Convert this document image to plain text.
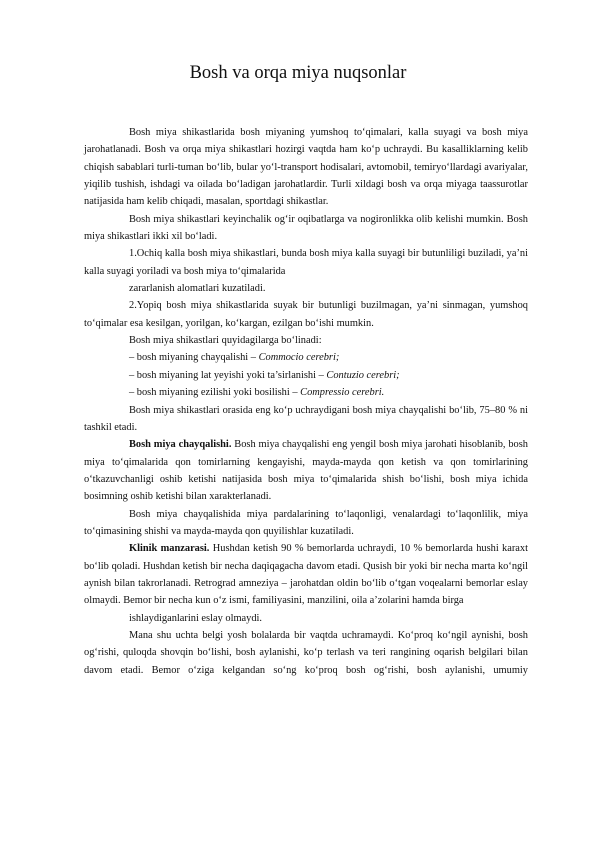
Bosh va orqa miya nuqsonlar

Bosh miya shikastlarida bosh miyaning yumshoq to‘qimalari, kalla suyagi va bosh miya jarohatlanadi. Bosh va orqa miya shikastlari hozirgi vaqtda ham ko‘p uchraydi. Bu kasalliklarning kelib chiqish sabablari turli-tuman bo‘lib, bular yo‘l-transport hodisalari, avtomobil, temiryo‘llardagi avariyalar, yiqilib tushish, ishdagi va oilada bo‘ladigan jarohatlardir. Turli xildagi bosh va orqa miyaga taassurotlar natijasida ham kelib chiqadi, masalan, sportdagi shikastlar.

Bosh miya shikastlari keyinchalik og‘ir oqibatlarga va nogironlikka olib kelishi mumkin. Bosh miya shikastlari ikki xil bo‘ladi.

1.Ochiq kalla bosh miya shikastlari, bunda bosh miya kalla suyagi bir butunliligi buziladi, ya’ni kalla suyagi yoriladi va bosh miya to‘qimalarida

zararlanish alomatlari kuzatiladi.

2.Yopiq bosh miya shikastlarida suyak bir butunligi buzilmagan, ya’ni sinmagan, yumshoq to‘qimalar esa kesilgan, yorilgan, ko‘kargan, ezilgan bo‘ishi mumkin.

Bosh miya shikastlari quyidagilarga bo‘linadi:

– bosh miyaning chayqalishi – Commocio cerebri;

– bosh miyaning lat yeyishi yoki ta’sirlanishi – Contuzio cerebri;

– bosh miyaning ezilishi yoki bosilishi – Compressio cerebri.

Bosh miya shikastlari orasida eng ko‘p uchraydigani bosh miya chayqalishi bo‘lib, 75–80 % ni tashkil etadi.

Bosh miya chayqalishi. Bosh miya chayqalishi eng yengil bosh miya jarohati hisoblanib, bosh miya to‘qimalarida qon tomirlarning kengayishi, mayda-mayda qon ketish va qon tomirlarining o‘tkazuvchanligi oshib ketishi natijasida bosh miya to‘qimalarida shish bo‘lishi, bosh miya ichida bosimning oshib ketishi bilan xarakterlanadi.

Bosh miya chayqalishida miya pardalarining to‘laqonligi, venalardagi to‘laqonlilik, miya to‘qimasining shishi va mayda-mayda qon quyilishlar kuzatiladi.

Klinik manzarasi. Hushdan ketish 90 % bemorlarda uchraydi, 10 % bemorlarda hushi karaxt bo‘lib qoladi. Hushdan ketish bir necha daqiqagacha davom etadi. Qusish bir yoki bir necha marta ko‘ngil aynish bilan takrorlanadi. Retrograd amneziya – jarohatdan oldin bo‘lib o‘tgan voqealarni bemorlar eslay olmaydi. Bemor bir necha kun o‘z ismi, familiyasini, manzilini, oila a’zolarini hamda birga

ishlaydiganlarini eslay olmaydi.

Mana shu uchta belgi yosh bolalarda bir vaqtda uchramaydi. Ko‘proq ko‘ngil aynishi, bosh og‘rishi, quloqda shovqin bo‘lishi, bosh aylanishi, ko‘p terlash va teri rangining oqarish belgilari bilan davom etadi. Bemor o‘ziga kelgandan so‘ng ko‘proq bosh og‘rishi, bosh aylanishi, umumiy
